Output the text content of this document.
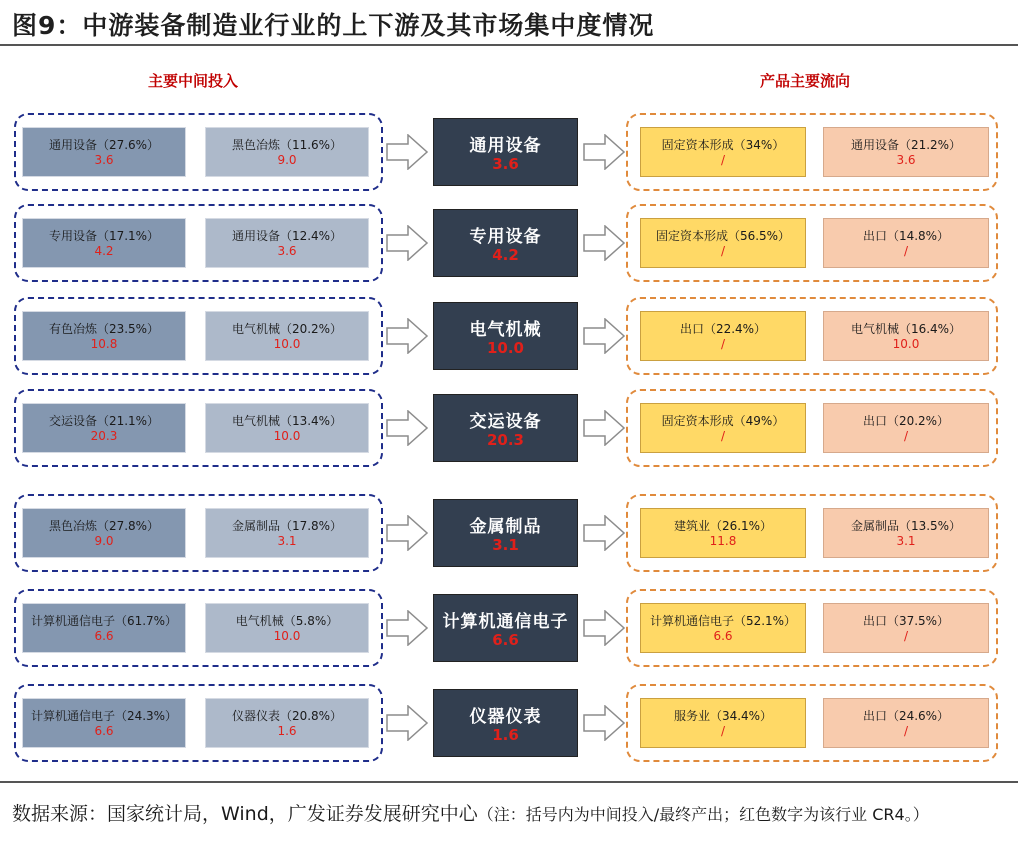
图9：中游装备制造业行业的上下游及其市场集中度情况
主要中间投入	产品主要流向
通用设备（27.6%）
3.6
黑色冶炼（11.6%）
9.0
通用设备
3.6
固定资本形成（34%）
/
通用设备（21.2%）
3.6
专用设备（17.1%）
4.2
通用设备（12.4%）
3.6
专用设备
4.2
固定资本形成（56.5%）
/
出口（14.8%）
/
有色冶炼（23.5%）
10.8
电气机械（20.2%）
10.0
电气机械
10.0
出口（22.4%）
/
电气机械（16.4%）
10.0
交运设备（21.1%）
20.3
电气机械（13.4%）
10.0
交运设备
20.3
固定资本形成（49%）
/
出口（20.2%）
/
黑色冶炼（27.8%）
9.0
金属制品（17.8%）
3.1
金属制品
3.1
建筑业（26.1%）
11.8
金属制品（13.5%）
3.1
计算机通信电子（61.7%）
6.6
电气机械（5.8%）
10.0
计算机通信电子
6.6
计算机通信电子（52.1%）
6.6
出口（37.5%）
/
计算机通信电子（24.3%）
6.6
仪器仪表（20.8%）
1.6
仪器仪表
1.6
服务业（34.4%）
/
出口（24.6%）
/
数据来源：国家统计局，Wind，广发证券发展研究中心（注：括号内为中间投入/最终产出；红色数字为该行业 CR4。）
